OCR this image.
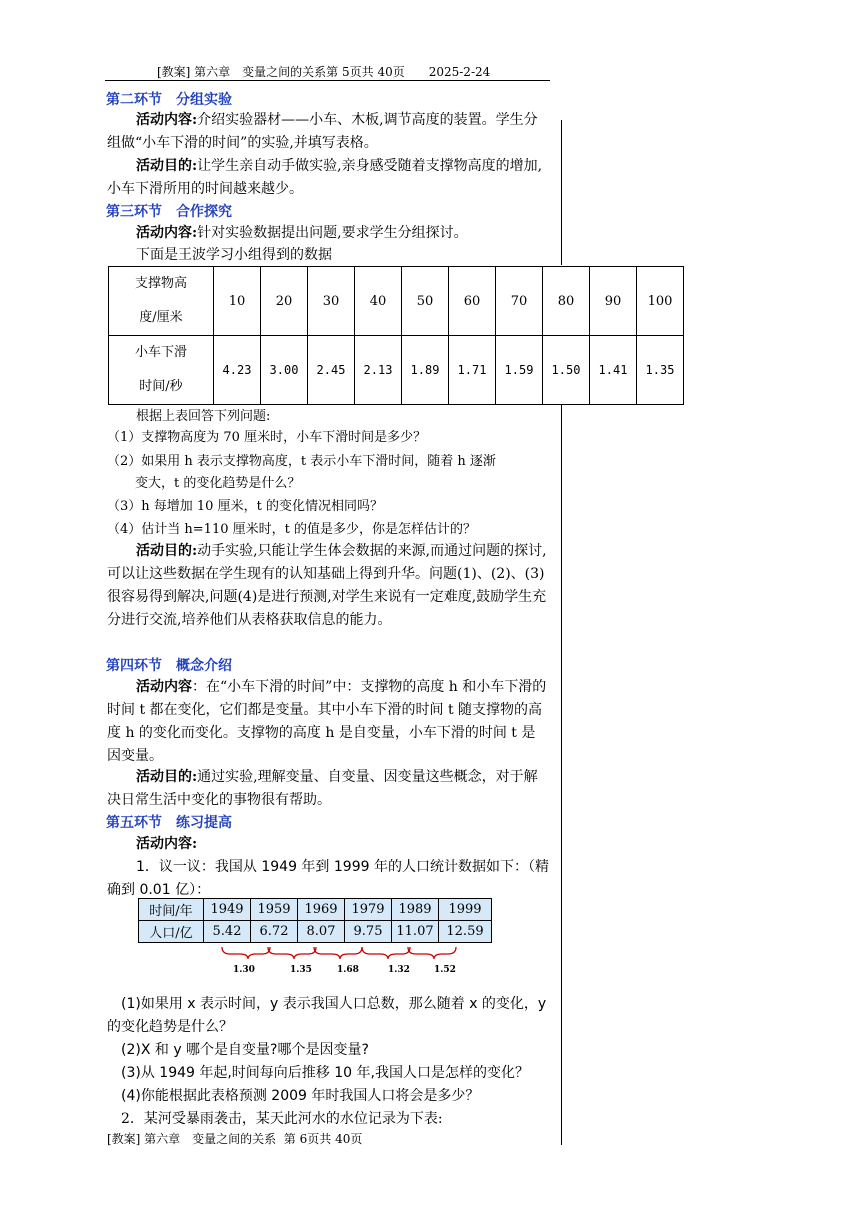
[教案] 第六章　变量之间的关系第 5页共 40页　　2025-2-24
第二环节　分组实验
活动内容:介绍实验器材——小车、木板,调节高度的装置。学生分组做“小车下滑的时间”的实验,并填写表格。
活动目的:让学生亲自动手做实验,亲身感受随着支撑物高度的增加,小车下滑所用的时间越来越少。
第三环节　合作探究
活动内容:针对实验数据提出问题,要求学生分组探讨。
下面是王波学习小组得到的数据
支撑物高
度/厘米	10	20	30	40	50	60	70	80	90	100
小车下滑
时间/秒	4.23	3.00	2.45	2.13	1.89	1.71	1.59	1.50	1.41	1.35
根据上表回答下列问题:
（1）支撑物高度为 70 厘米时，小车下滑时间是多少？
（2）如果用 h 表示支撑物高度，t 表示小车下滑时间，随着 h 逐渐
变大，t 的变化趋势是什么？
（3）h 每增加 10 厘米，t 的变化情况相同吗？
（4）估计当 h=110 厘米时，t 的值是多少，你是怎样估计的？
活动目的:动手实验,只能让学生体会数据的来源,而通过问题的探讨,可以让这些数据在学生现有的认知基础上得到升华。问题(1)、(2)、(3)很容易得到解决,问题(4)是进行预测,对学生来说有一定难度,鼓励学生充分进行交流,培养他们从表格获取信息的能力。
第四环节　概念介绍
活动内容：在“小车下滑的时间”中：支撑物的高度 h 和小车下滑的时间 t 都在变化，它们都是变量。其中小车下滑的时间 t 随支撑物的高度 h 的变化而变化。支撑物的高度 h 是自变量，小车下滑的时间 t 是因变量。
活动目的:通过实验,理解变量、自变量、因变量这些概念，对于解决日常生活中变化的事物很有帮助。
第五环节　练习提高
活动内容:
1．议一议：我国从 1949 年到 1999 年的人口统计数据如下：（精确到 0.01 亿）：
时间/年	1949	1959	1969	1979	1989	1999
人口/亿	5.42	6.72	8.07	9.75	11.07	12.59
1.30	1.35	1.68	1.32	1.52
(1)如果用 x 表示时间，y 表示我国人口总数，那么随着 x 的变化，y 的变化趋势是什么？
(2)X 和 y 哪个是自变量?哪个是因变量?
(3)从 1949 年起,时间每向后推移 10 年,我国人口是怎样的变化？
(4)你能根据此表格预测 2009 年时我国人口将会是多少？
2．某河受暴雨袭击，某天此河水的水位记录为下表:
[教案] 第六章　变量之间的关系  第 6页共 40页
